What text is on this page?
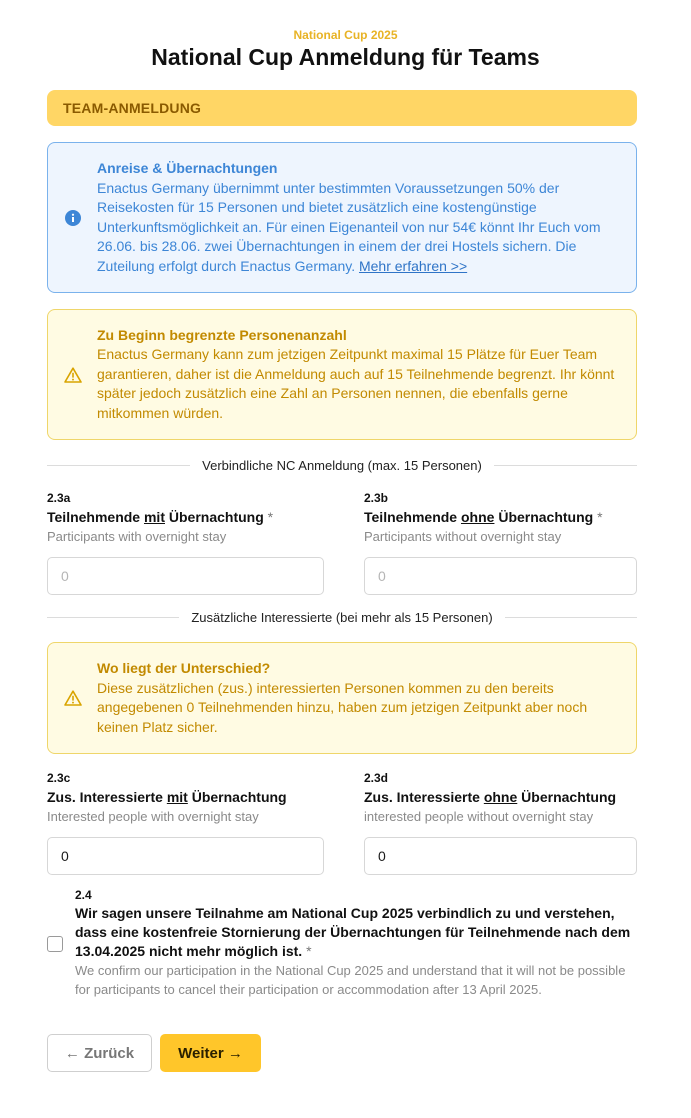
National Cup 2025
National Cup Anmeldung für Teams
TEAM-ANMELDUNG
Anreise & Übernachtungen
Enactus Germany übernimmt unter bestimmten Voraussetzungen 50% der Reisekosten für 15 Personen und bietet zusätzlich eine kostengünstige Unterkunftsmöglichkeit an. Für einen Eigenanteil von nur 54€ könnt Ihr Euch vom 26.06. bis 28.06. zwei Übernachtungen in einem der drei Hostels sichern. Die Zuteilung erfolgt durch Enactus Germany. Mehr erfahren >>
Zu Beginn begrenzte Personenanzahl
Enactus Germany kann zum jetzigen Zeitpunkt maximal 15 Plätze für Euer Team garantieren, daher ist die Anmeldung auch auf 15 Teilnehmende begrenzt. Ihr könnt später jedoch zusätzlich eine Zahl an Personen nennen, die ebenfalls gerne mitkommen würden.
Verbindliche NC Anmeldung (max. 15 Personen)
2.3a
Teilnehmende mit Übernachtung *
Participants with overnight stay
0
2.3b
Teilnehmende ohne Übernachtung *
Participants without overnight stay
0
Zusätzliche Interessierte (bei mehr als 15 Personen)
Wo liegt der Unterschied?
Diese zusätzlichen (zus.) interessierten Personen kommen zu den bereits angegebenen 0 Teilnehmenden hinzu, haben zum jetzigen Zeitpunkt aber noch keinen Platz sicher.
2.3c
Zus. Interessierte mit Übernachtung
Interested people with overnight stay
0
2.3d
Zus. Interessierte ohne Übernachtung
interested people without overnight stay
0
2.4
Wir sagen unsere Teilnahme am National Cup 2025 verbindlich zu und verstehen, dass eine kostenfreie Stornierung der Übernachtungen für Teilnehmende nach dem 13.04.2025 nicht mehr möglich ist. *
We confirm our participation in the National Cup 2025 and understand that it will not be possible for participants to cancel their participation or accommodation after 13 April 2025.
← Zurück	Weiter →
